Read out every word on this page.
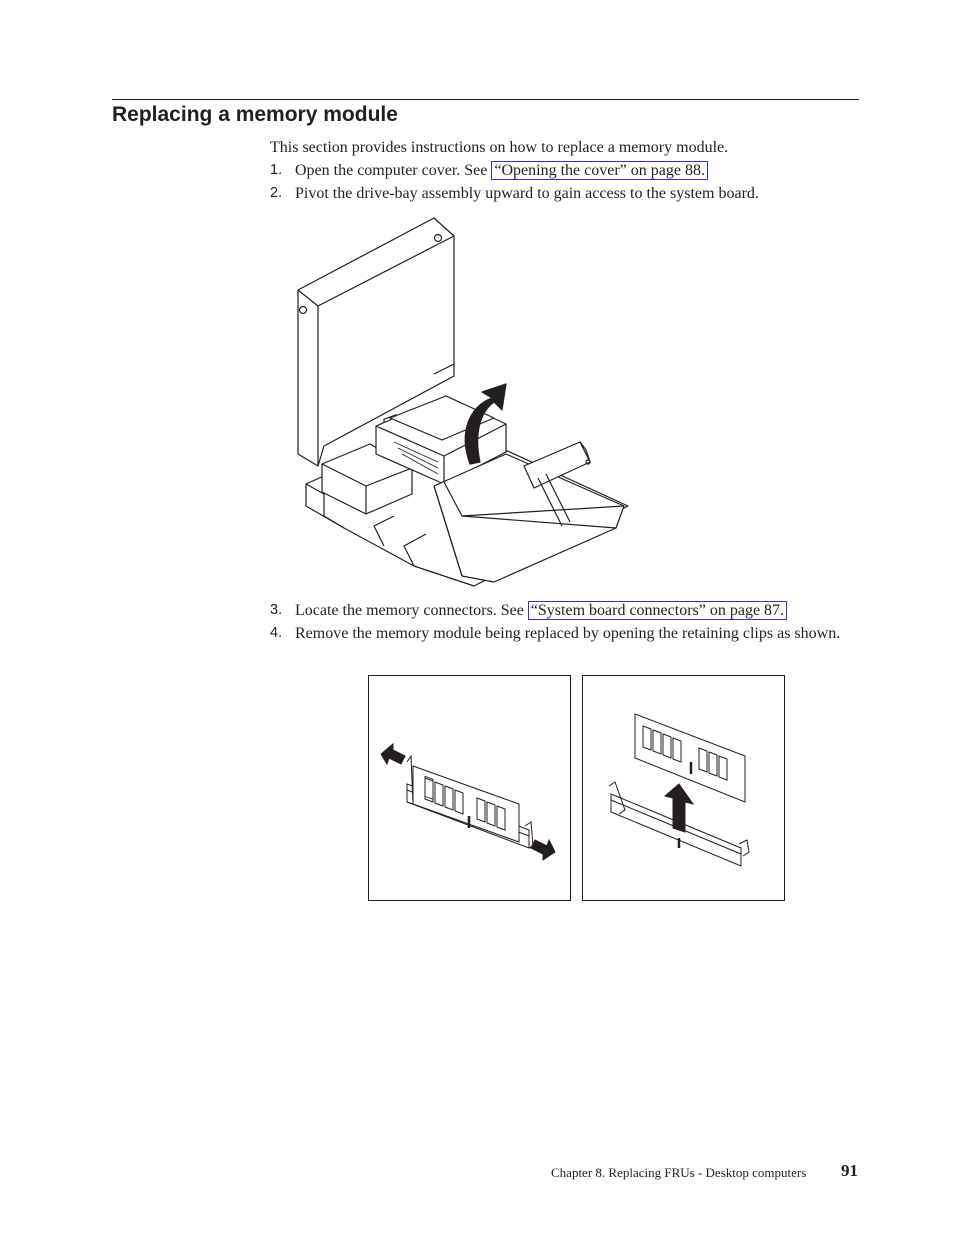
Replacing a memory module
This section provides instructions on how to replace a memory module.
1. Open the computer cover. See “Opening the cover” on page 88.
2. Pivot the drive-bay assembly upward to gain access to the system board.
3. Locate the memory connectors. See “System board connectors” on page 87.
4. Remove the memory module being replaced by opening the retaining clips as shown.
Chapter 8. Replacing FRUs - Desktop computers 91
